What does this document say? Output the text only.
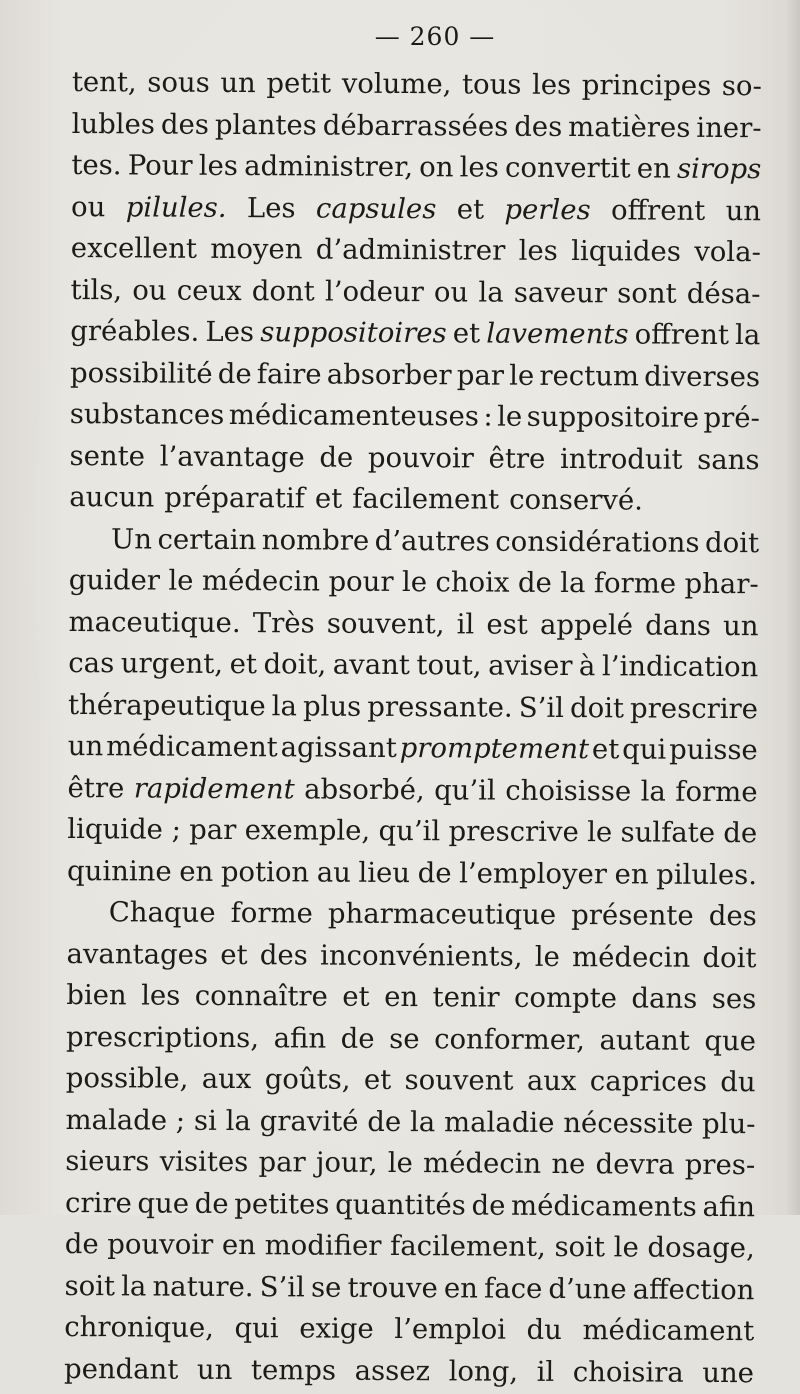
— 260 —
tent, sous un petit volume, tous les principes so-
lubles des plantes débarrassées des matières iner-
tes. Pour les administrer, on les convertit en sirops
ou pilules. Les capsules et perles offrent un
excellent moyen d’administrer les liquides vola-
tils, ou ceux dont l’odeur ou la saveur sont désa-
gréables. Les suppositoires et lavements offrent la
possibilité de faire absorber par le rectum diverses
substances médicamenteuses : le suppositoire pré-
sente l’avantage de pouvoir être introduit sans
aucun préparatif et facilement conservé.
Un certain nombre d’autres considérations doit
guider le médecin pour le choix de la forme phar-
maceutique. Très souvent, il est appelé dans un
cas urgent, et doit, avant tout, aviser à l’indication
thérapeutique la plus pressante. S’il doit prescrire
un médicament agissant promptement et qui puisse
être rapidement absorbé, qu’il choisisse la forme
liquide ; par exemple, qu’il prescrive le sulfate de
quinine en potion au lieu de l’employer en pilules.
Chaque forme pharmaceutique présente des
avantages et des inconvénients, le médecin doit
bien les connaître et en tenir compte dans ses
prescriptions, afin de se conformer, autant que
possible, aux goûts, et souvent aux caprices du
malade ; si la gravité de la maladie nécessite plu-
sieurs visites par jour, le médecin ne devra pres-
crire que de petites quantités de médicaments afin
de pouvoir en modifier facilement, soit le dosage,
soit la nature. S’il se trouve en face d’une affection
chronique, qui exige l’emploi du médicament
pendant un temps assez long, il choisira une
